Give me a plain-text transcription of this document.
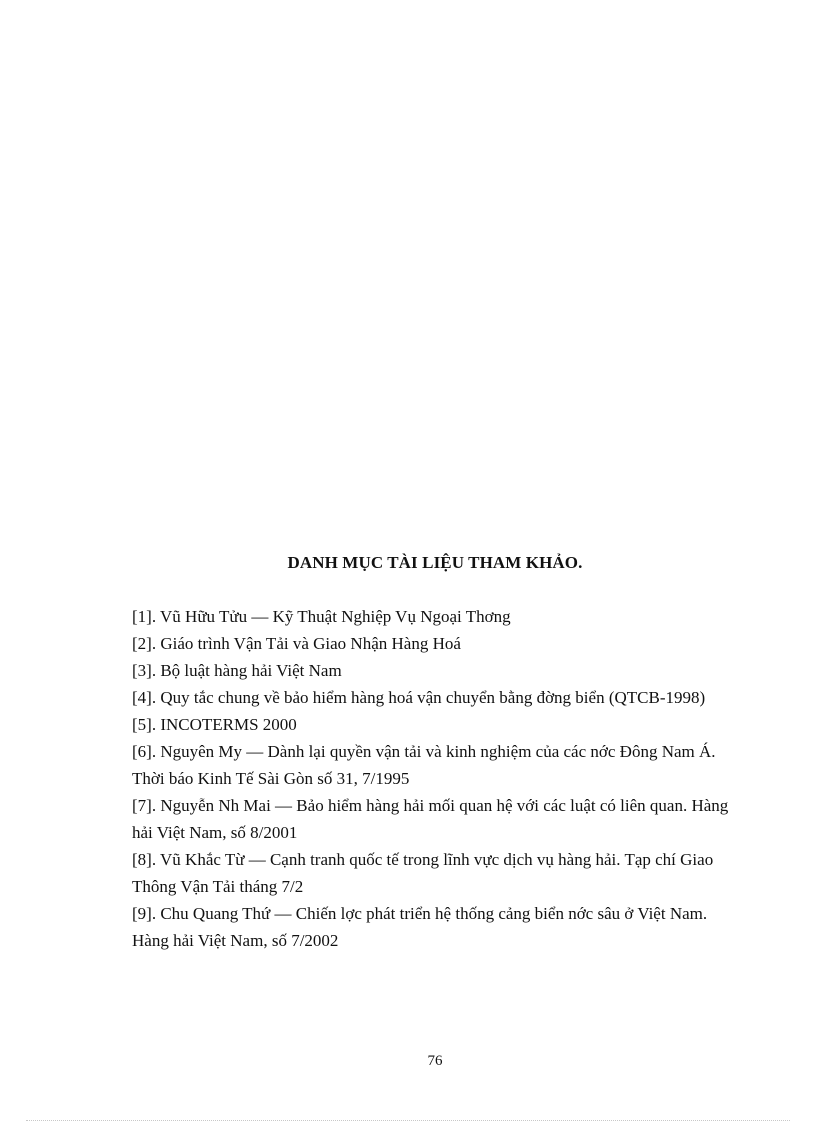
DANH MỤC TÀI LIỆU THAM KHẢO.
[1]. Vũ Hữu Tửu — Kỹ Thuật Nghiệp Vụ Ngoại Thơng
[2]. Giáo trình Vận Tải và Giao Nhận Hàng Hoá
[3]. Bộ luật hàng hải Việt Nam
[4]. Quy tắc chung về bảo hiểm hàng hoá vận chuyển bằng đờng biển (QTCB-1998)
[5]. INCOTERMS 2000
[6]. Nguyên My — Dành lại quyền vận tải và kinh nghiệm của các nớc Đông Nam Á. Thời báo Kinh Tế Sài Gòn số 31, 7/1995
[7]. Nguyễn Nh Mai — Bảo hiểm hàng hải mối quan hệ với các luật có liên quan. Hàng hải Việt Nam, số 8/2001
[8]. Vũ Khắc Từ — Cạnh tranh quốc tế trong lĩnh vực dịch vụ hàng hải. Tạp chí Giao Thông Vận Tải tháng 7/2
[9]. Chu Quang Thứ — Chiến lợc phát triển hệ thống cảng biển nớc sâu ở Việt Nam. Hàng hải Việt Nam, số 7/2002
76
